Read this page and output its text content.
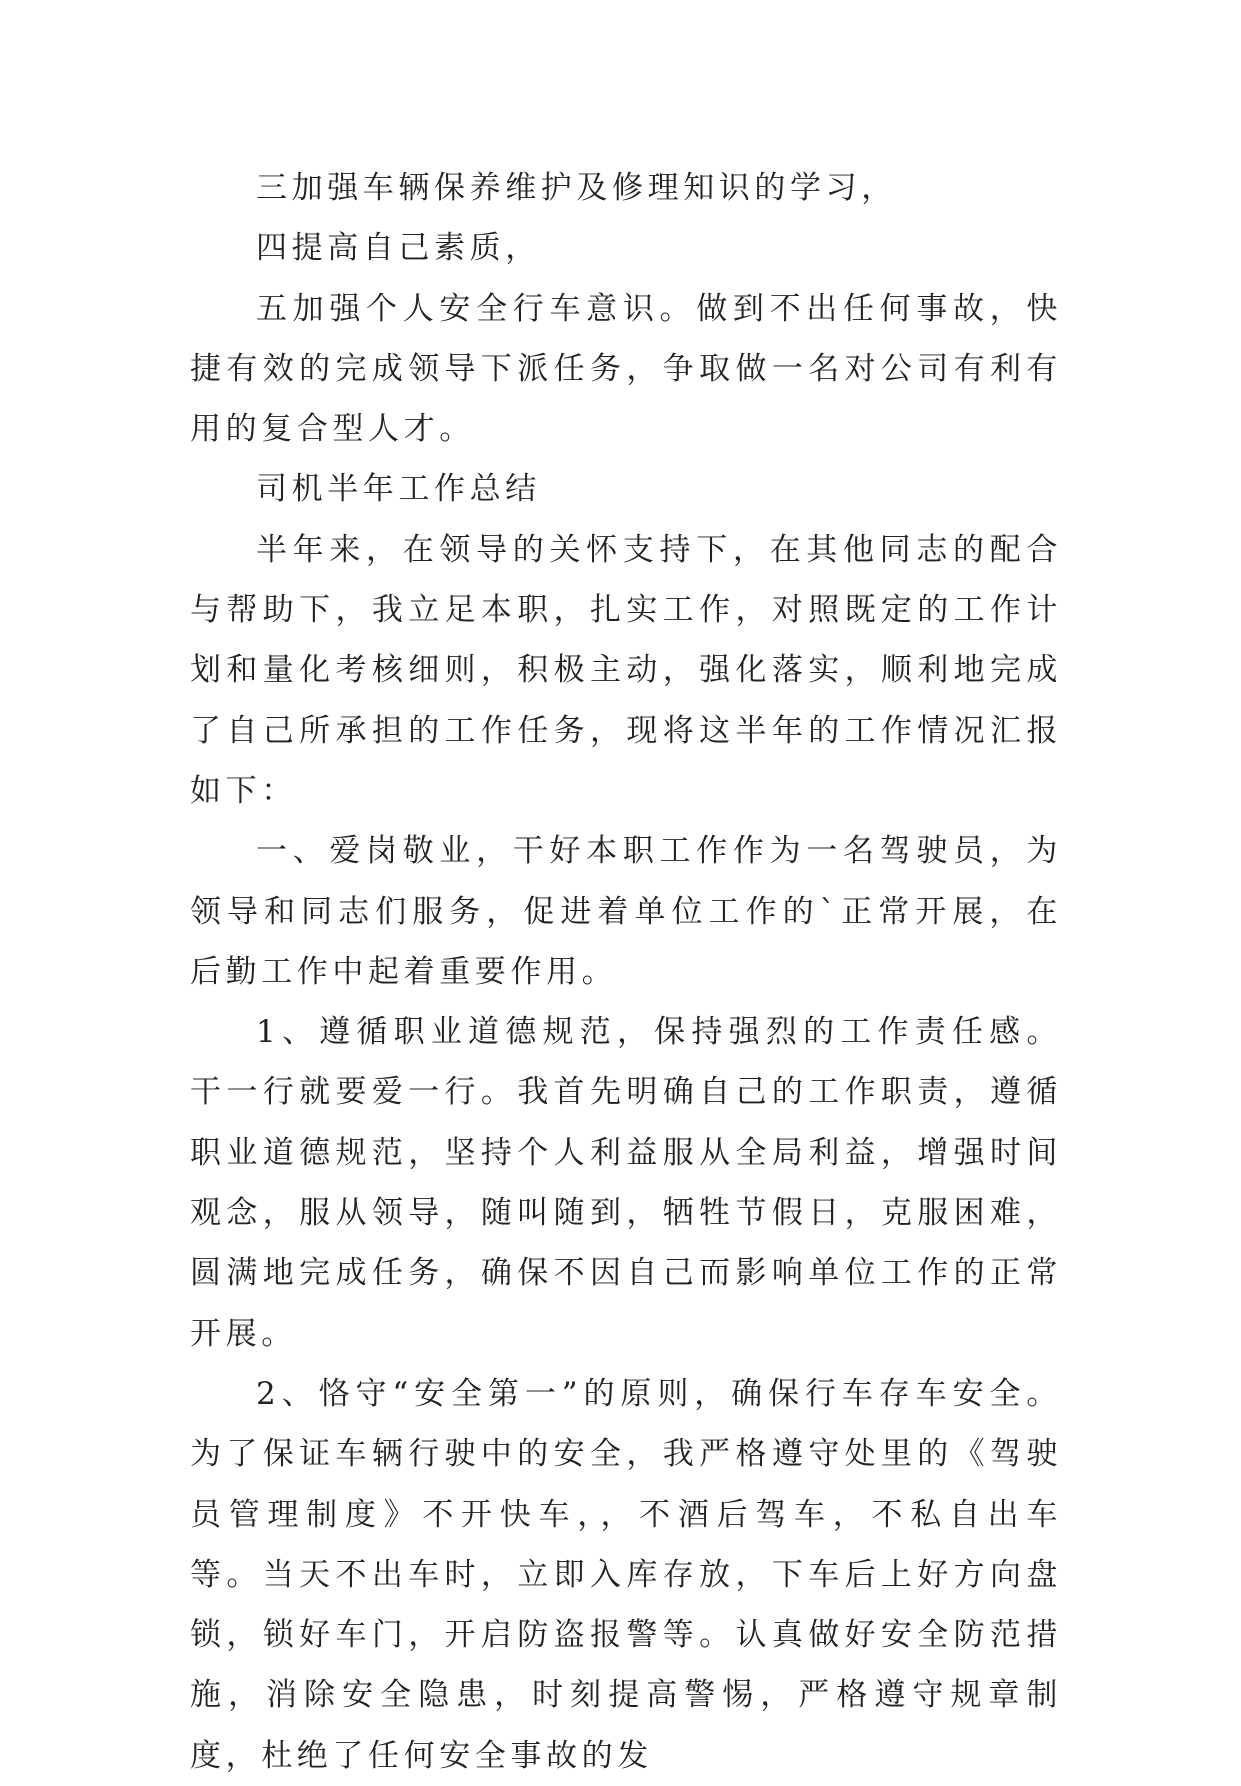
三加强车辆保养维护及修理知识的学习，

四提高自己素质，

五加强个人安全行车意识。做到不出任何事故，快捷有效的完成领导下派任务，争取做一名对公司有利有用的复合型人才。

司机半年工作总结

半年来，在领导的关怀支持下，在其他同志的配合与帮助下，我立足本职，扎实工作，对照既定的工作计划和量化考核细则，积极主动，强化落实，顺利地完成了自己所承担的工作任务，现将这半年的工作情况汇报如下：

一、爱岗敬业，干好本职工作作为一名驾驶员，为领导和同志们服务，促进着单位工作的`正常开展，在后勤工作中起着重要作用。

1、遵循职业道德规范，保持强烈的工作责任感。干一行就要爱一行。我首先明确自己的工作职责，遵循职业道德规范，坚持个人利益服从全局利益，增强时间观念，服从领导，随叫随到，牺牲节假日，克服困难，圆满地完成任务，确保不因自己而影响单位工作的正常开展。

2、恪守“安全第一”的原则，确保行车存车安全。为了保证车辆行驶中的安全，我严格遵守处里的《驾驶员管理制度》不开快车，，不酒后驾车，不私自出车等。当天不出车时，立即入库存放，下车后上好方向盘锁，锁好车门，开启防盗报警等。认真做好安全防范措施，消除安全隐患，时刻提高警惕，严格遵守规章制度，杜绝了任何安全事故的发
